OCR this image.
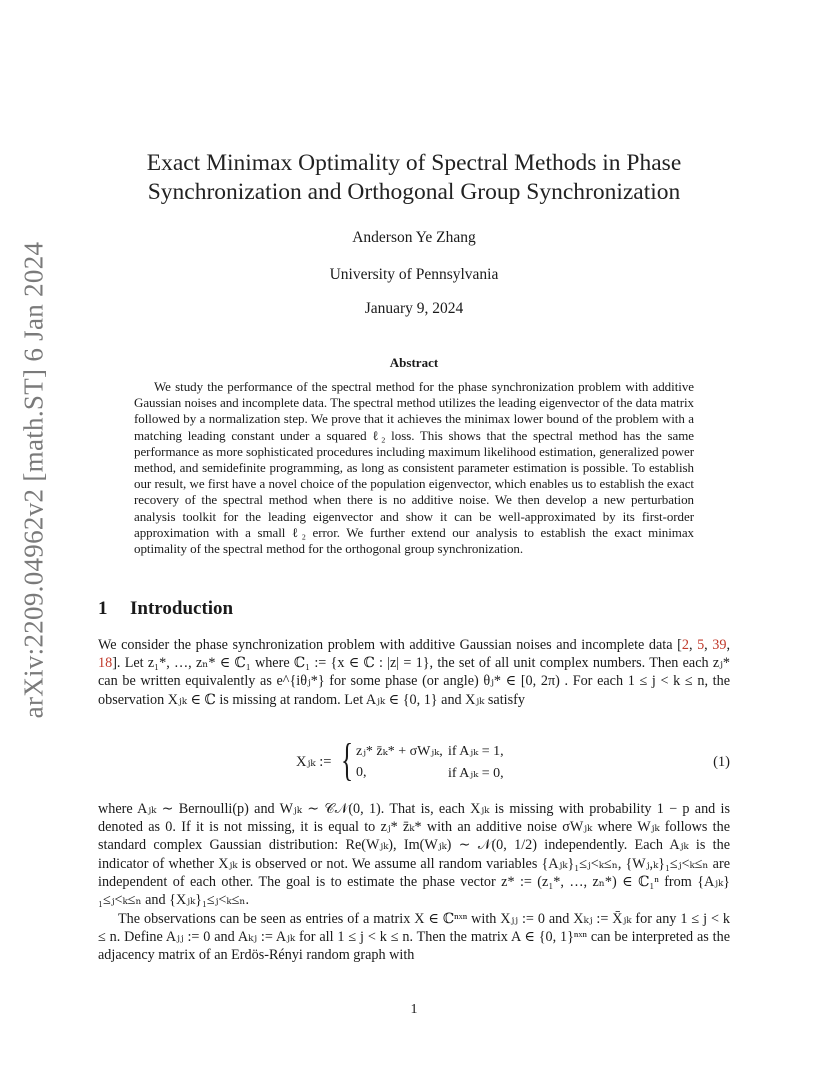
arXiv:2209.04962v2 [math.ST] 6 Jan 2024
Exact Minimax Optimality of Spectral Methods in Phase Synchronization and Orthogonal Group Synchronization
Anderson Ye Zhang
University of Pennsylvania
January 9, 2024
Abstract
We study the performance of the spectral method for the phase synchronization problem with additive Gaussian noises and incomplete data. The spectral method utilizes the leading eigenvector of the data matrix followed by a normalization step. We prove that it achieves the minimax lower bound of the problem with a matching leading constant under a squared ℓ₂ loss. This shows that the spectral method has the same performance as more sophisticated procedures including maximum likelihood estimation, generalized power method, and semidefinite programming, as long as consistent parameter estimation is possible. To establish our result, we first have a novel choice of the population eigenvector, which enables us to establish the exact recovery of the spectral method when there is no additive noise. We then develop a new perturbation analysis toolkit for the leading eigenvector and show it can be well-approximated by its first-order approximation with a small ℓ₂ error. We further extend our analysis to establish the exact minimax optimality of the spectral method for the orthogonal group synchronization.
1 Introduction
We consider the phase synchronization problem with additive Gaussian noises and incomplete data [2, 5, 39, 18]. Let z₁*, …, zₙ* ∈ ℂ₁ where ℂ₁ := {x ∈ ℂ : |z| = 1}, the set of all unit complex numbers. Then each zⱼ* can be written equivalently as e^{iθⱼ*} for some phase (or angle) θⱼ* ∈ [0, 2π) . For each 1 ≤ j < k ≤ n, the observation Xⱼₖ ∈ ℂ is missing at random. Let Aⱼₖ ∈ {0, 1} and Xⱼₖ satisfy
Xⱼₖ := { zⱼ* z̄ₖ* + σWⱼₖ, if Aⱼₖ = 1,
0,	if Aⱼₖ = 0,
(1)
where Aⱼₖ ∼ Bernoulli(p) and Wⱼₖ ∼ 𝒞𝒩(0, 1). That is, each Xⱼₖ is missing with probability 1 − p and is denoted as 0. If it is not missing, it is equal to zⱼ* z̄ₖ* with an additive noise σWⱼₖ where Wⱼₖ follows the standard complex Gaussian distribution: Re(Wⱼₖ), Im(Wⱼₖ) ∼ 𝒩(0, 1/2) independently. Each Aⱼₖ is the indicator of whether Xⱼₖ is observed or not. We assume all random variables {Aⱼₖ}₁≤ⱼ<ₖ≤ₙ, {Wⱼ,ₖ}₁≤ⱼ<ₖ≤ₙ are independent of each other. The goal is to estimate the phase vector z* := (z₁*, …, zₙ*) ∈ ℂ₁ⁿ from {Aⱼₖ}₁≤ⱼ<ₖ≤ₙ and {Xⱼₖ}₁≤ⱼ<ₖ≤ₙ.
The observations can be seen as entries of a matrix X ∈ ℂⁿˣⁿ with Xⱼⱼ := 0 and Xₖⱼ := X̄ⱼₖ for any 1 ≤ j < k ≤ n. Define Aⱼⱼ := 0 and Aₖⱼ := Aⱼₖ for all 1 ≤ j < k ≤ n. Then the matrix A ∈ {0, 1}ⁿˣⁿ can be interpreted as the adjacency matrix of an Erdös-Rényi random graph with
1
